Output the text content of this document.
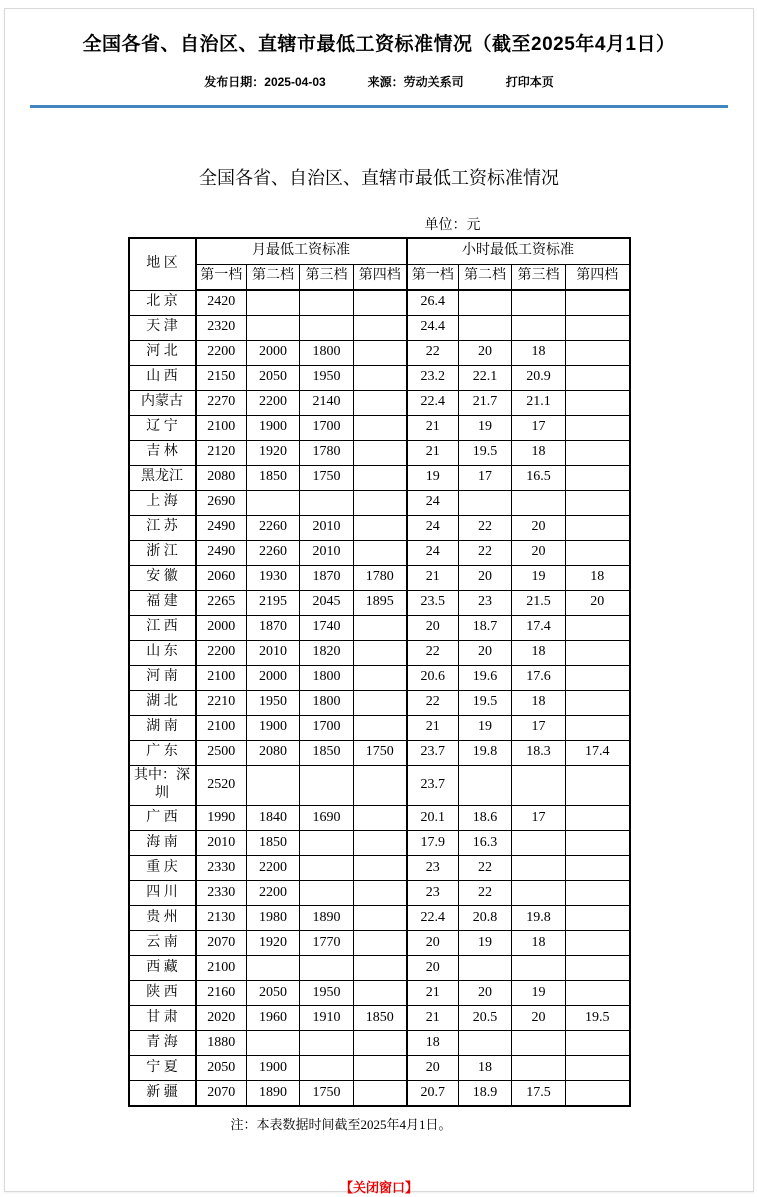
全国各省、自治区、直辖市最低工资标准情况（截至2025年4月1日）
发布日期：2025-04-03	来源：劳动关系司	打印本页
全国各省、自治区、直辖市最低工资标准情况
单位：元
地 区	月最低工资标准				小时最低工资标准			
	第一档	第二档	第三档	第四档	第一档	第二档	第三档	第四档
北 京	2420				26.4			
天 津	2320				24.4			
河 北	2200	2000	1800		22	20	18	
山 西	2150	2050	1950		23.2	22.1	20.9	
内蒙古	2270	2200	2140		22.4	21.7	21.1	
辽 宁	2100	1900	1700		21	19	17	
吉 林	2120	1920	1780		21	19.5	18	
黑龙江	2080	1850	1750		19	17	16.5	
上 海	2690				24			
江 苏	2490	2260	2010		24	22	20	
浙 江	2490	2260	2010		24	22	20	
安 徽	2060	1930	1870	1780	21	20	19	18
福 建	2265	2195	2045	1895	23.5	23	21.5	20
江 西	2000	1870	1740		20	18.7	17.4	
山 东	2200	2010	1820		22	20	18	
河 南	2100	2000	1800		20.6	19.6	17.6	
湖 北	2210	1950	1800		22	19.5	18	
湖 南	2100	1900	1700		21	19	17	
广 东	2500	2080	1850	1750	23.7	19.8	18.3	17.4
其中：深圳	2520				23.7			
广 西	1990	1840	1690		20.1	18.6	17	
海 南	2010	1850			17.9	16.3		
重 庆	2330	2200			23	22		
四 川	2330	2200			23	22		
贵 州	2130	1980	1890		22.4	20.8	19.8	
云 南	2070	1920	1770		20	19	18	
西 藏	2100				20			
陕 西	2160	2050	1950		21	20	19	
甘 肃	2020	1960	1910	1850	21	20.5	20	19.5
青 海	1880				18			
宁 夏	2050	1900			20	18		
新 疆	2070	1890	1750		20.7	18.9	17.5	
注：本表数据时间截至2025年4月1日。
【关闭窗口】
